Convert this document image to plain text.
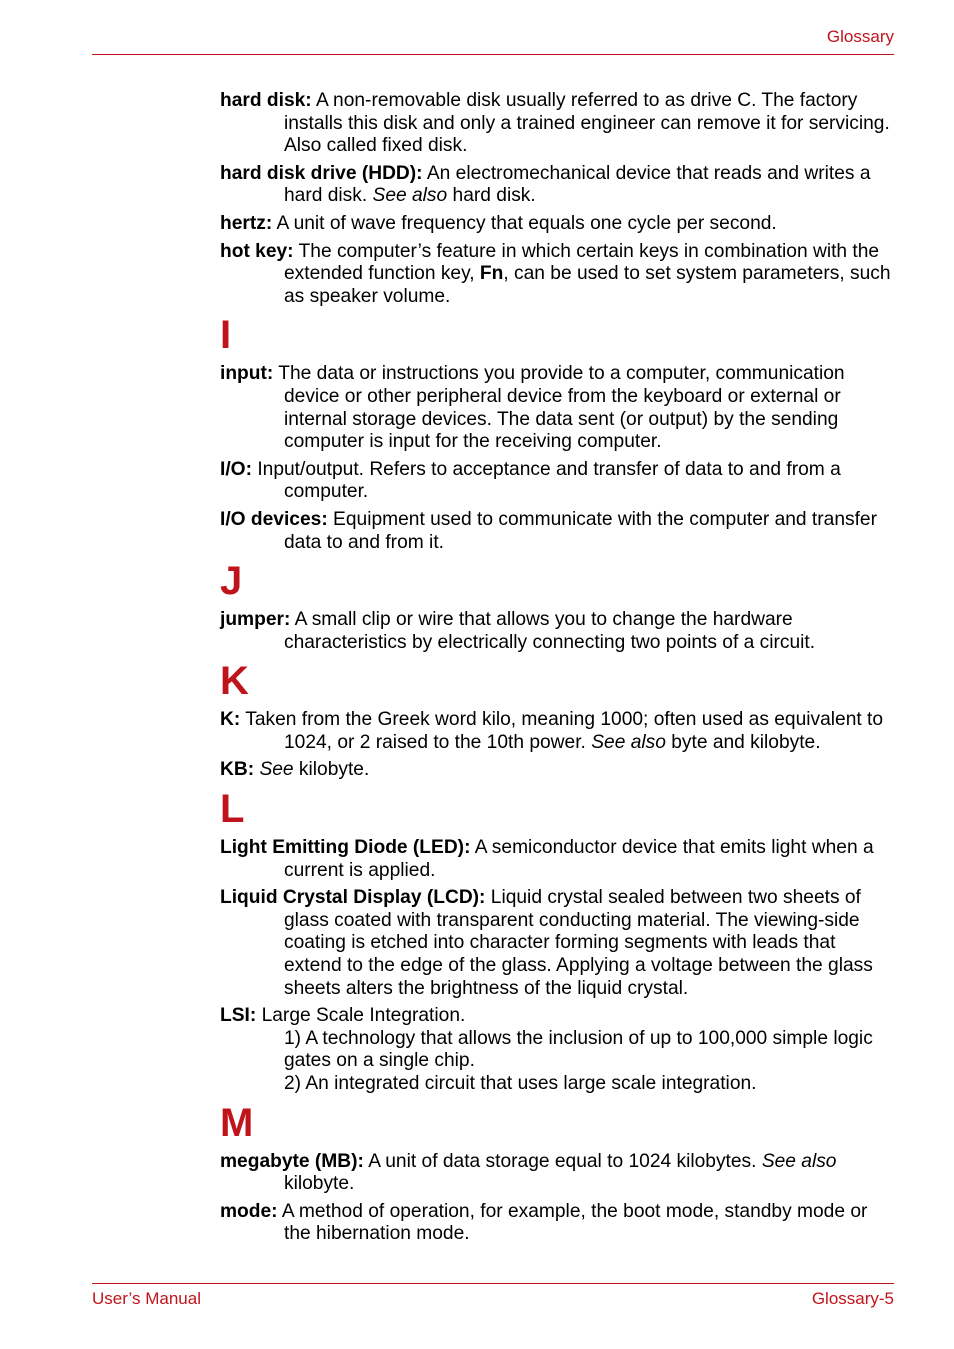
Glossary
hard disk: A non-removable disk usually referred to as drive C. The factory installs this disk and only a trained engineer can remove it for servicing. Also called fixed disk.
hard disk drive (HDD): An electromechanical device that reads and writes a hard disk. See also hard disk.
hertz: A unit of wave frequency that equals one cycle per second.
hot key: The computer’s feature in which certain keys in combination with the extended function key, Fn, can be used to set system parameters, such as speaker volume.
I
input: The data or instructions you provide to a computer, communication device or other peripheral device from the keyboard or external or internal storage devices. The data sent (or output) by the sending computer is input for the receiving computer.
I/O: Input/output. Refers to acceptance and transfer of data to and from a computer.
I/O devices: Equipment used to communicate with the computer and transfer data to and from it.
J
jumper: A small clip or wire that allows you to change the hardware characteristics by electrically connecting two points of a circuit.
K
K: Taken from the Greek word kilo, meaning 1000; often used as equivalent to 1024, or 2 raised to the 10th power. See also byte and kilobyte.
KB: See kilobyte.
L
Light Emitting Diode (LED): A semiconductor device that emits light when a current is applied.
Liquid Crystal Display (LCD): Liquid crystal sealed between two sheets of glass coated with transparent conducting material. The viewing-side coating is etched into character forming segments with leads that extend to the edge of the glass. Applying a voltage between the glass sheets alters the brightness of the liquid crystal.
LSI: Large Scale Integration.
1) A technology that allows the inclusion of up to 100,000 simple logic gates on a single chip.
2) An integrated circuit that uses large scale integration.
M
megabyte (MB): A unit of data storage equal to 1024 kilobytes. See also kilobyte.
mode: A method of operation, for example, the boot mode, standby mode or the hibernation mode.
User’s Manual	Glossary-5
